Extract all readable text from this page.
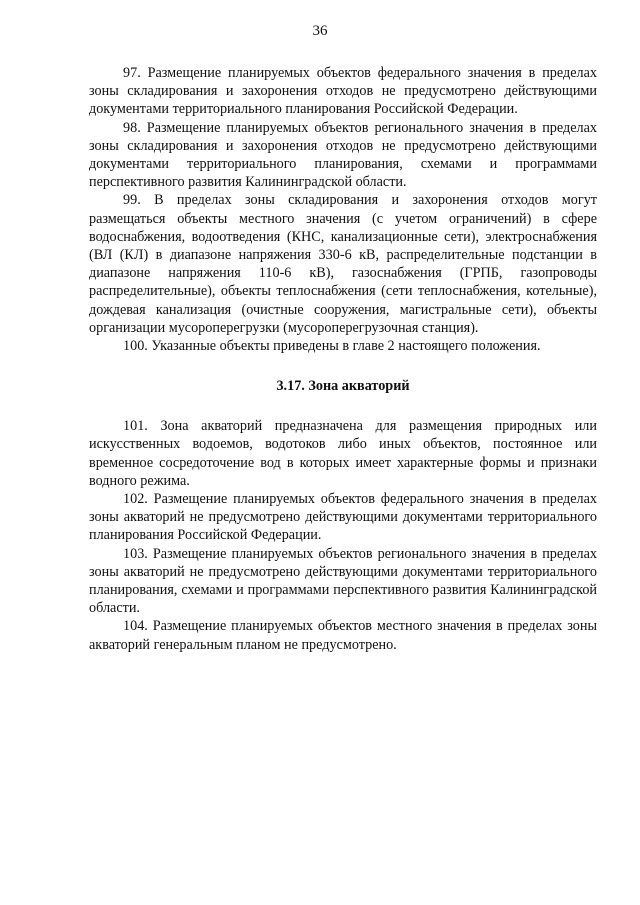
36

97. Размещение планируемых объектов федерального значения в пределах зоны складирования и захоронения отходов не предусмотрено действующими документами территориального планирования Российской Федерации.

98. Размещение планируемых объектов регионального значения в пределах зоны складирования и захоронения отходов не предусмотрено действующими документами территориального планирования, схемами и программами перспективного развития Калининградской области.

99. В пределах зоны складирования и захоронения отходов могут размещаться объекты местного значения (с учетом ограничений) в сфере водоснабжения, водоотведения (КНС, канализационные сети), электроснабжения (ВЛ (КЛ) в диапазоне напряжения 330-6 кВ, распределительные подстанции в диапазоне напряжения 110-6 кВ), газоснабжения (ГРПБ, газопроводы распределительные), объекты теплоснабжения (сети теплоснабжения, котельные), дождевая канализация (очистные сооружения, магистральные сети), объекты организации мусороперегрузки (мусороперегрузочная станция).

100. Указанные объекты приведены в главе 2 настоящего положения.

3.17. Зона акваторий

101. Зона акваторий предназначена для размещения природных или искусственных водоемов, водотоков либо иных объектов, постоянное или временное сосредоточение вод в которых имеет характерные формы и признаки водного режима.

102. Размещение планируемых объектов федерального значения в пределах зоны акваторий не предусмотрено действующими документами территориального планирования Российской Федерации.

103. Размещение планируемых объектов регионального значения в пределах зоны акваторий не предусмотрено действующими документами территориального планирования, схемами и программами перспективного развития Калининградской области.

104. Размещение планируемых объектов местного значения в пределах зоны акваторий генеральным планом не предусмотрено.
